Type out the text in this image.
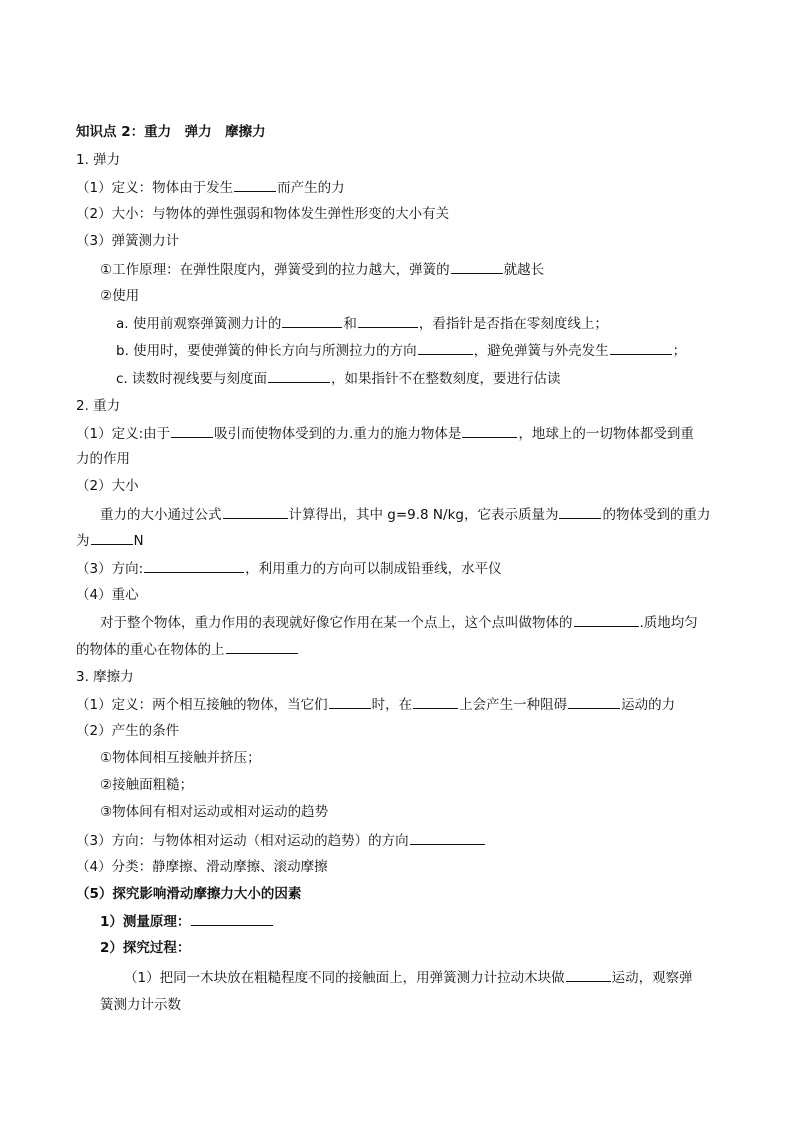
知识点 2：重力　弹力　摩擦力
1. 弹力
（1）定义：物体由于发生	而产生的力
（2）大小：与物体的弹性强弱和物体发生弹性形变的大小有关
（3）弹簧测力计
①工作原理：在弹性限度内，弹簧受到的拉力越大，弹簧的	就越长
②使用
a. 使用前观察弹簧测力计的	和	，看指针是否指在零刻度线上；
b. 使用时，要使弹簧的伸长方向与所测拉力的方向	，避免弹簧与外壳发生	；
c. 读数时视线要与刻度面	，如果指针不在整数刻度，要进行估读
2. 重力
（1）定义:由于	吸引而使物体受到的力.重力的施力物体是	，地球上的一切物体都受到重
力的作用
（2）大小
重力的大小通过公式	计算得出，其中 g=9.8 N/kg，它表示质量为	的物体受到的重力
为	N
（3）方向:	，利用重力的方向可以制成铅垂线，水平仪
（4）重心
对于整个物体，重力作用的表现就好像它作用在某一个点上，这个点叫做物体的	.质地均匀
的物体的重心在物体的上
3. 摩擦力
（1）定义：两个相互接触的物体，当它们	时，在	上会产生一种阻碍	运动的力
（2）产生的条件
①物体间相互接触并挤压；
②接触面粗糙；
③物体间有相对运动或相对运动的趋势
（3）方向：与物体相对运动（相对运动的趋势）的方向
（4）分类：静摩擦、滑动摩擦、滚动摩擦
（5）探究影响滑动摩擦力大小的因素
1）测量原理：
2）探究过程：
（1）把同一木块放在粗糙程度不同的接触面上，用弹簧测力计拉动木块做	运动，观察弹
簧测力计示数
